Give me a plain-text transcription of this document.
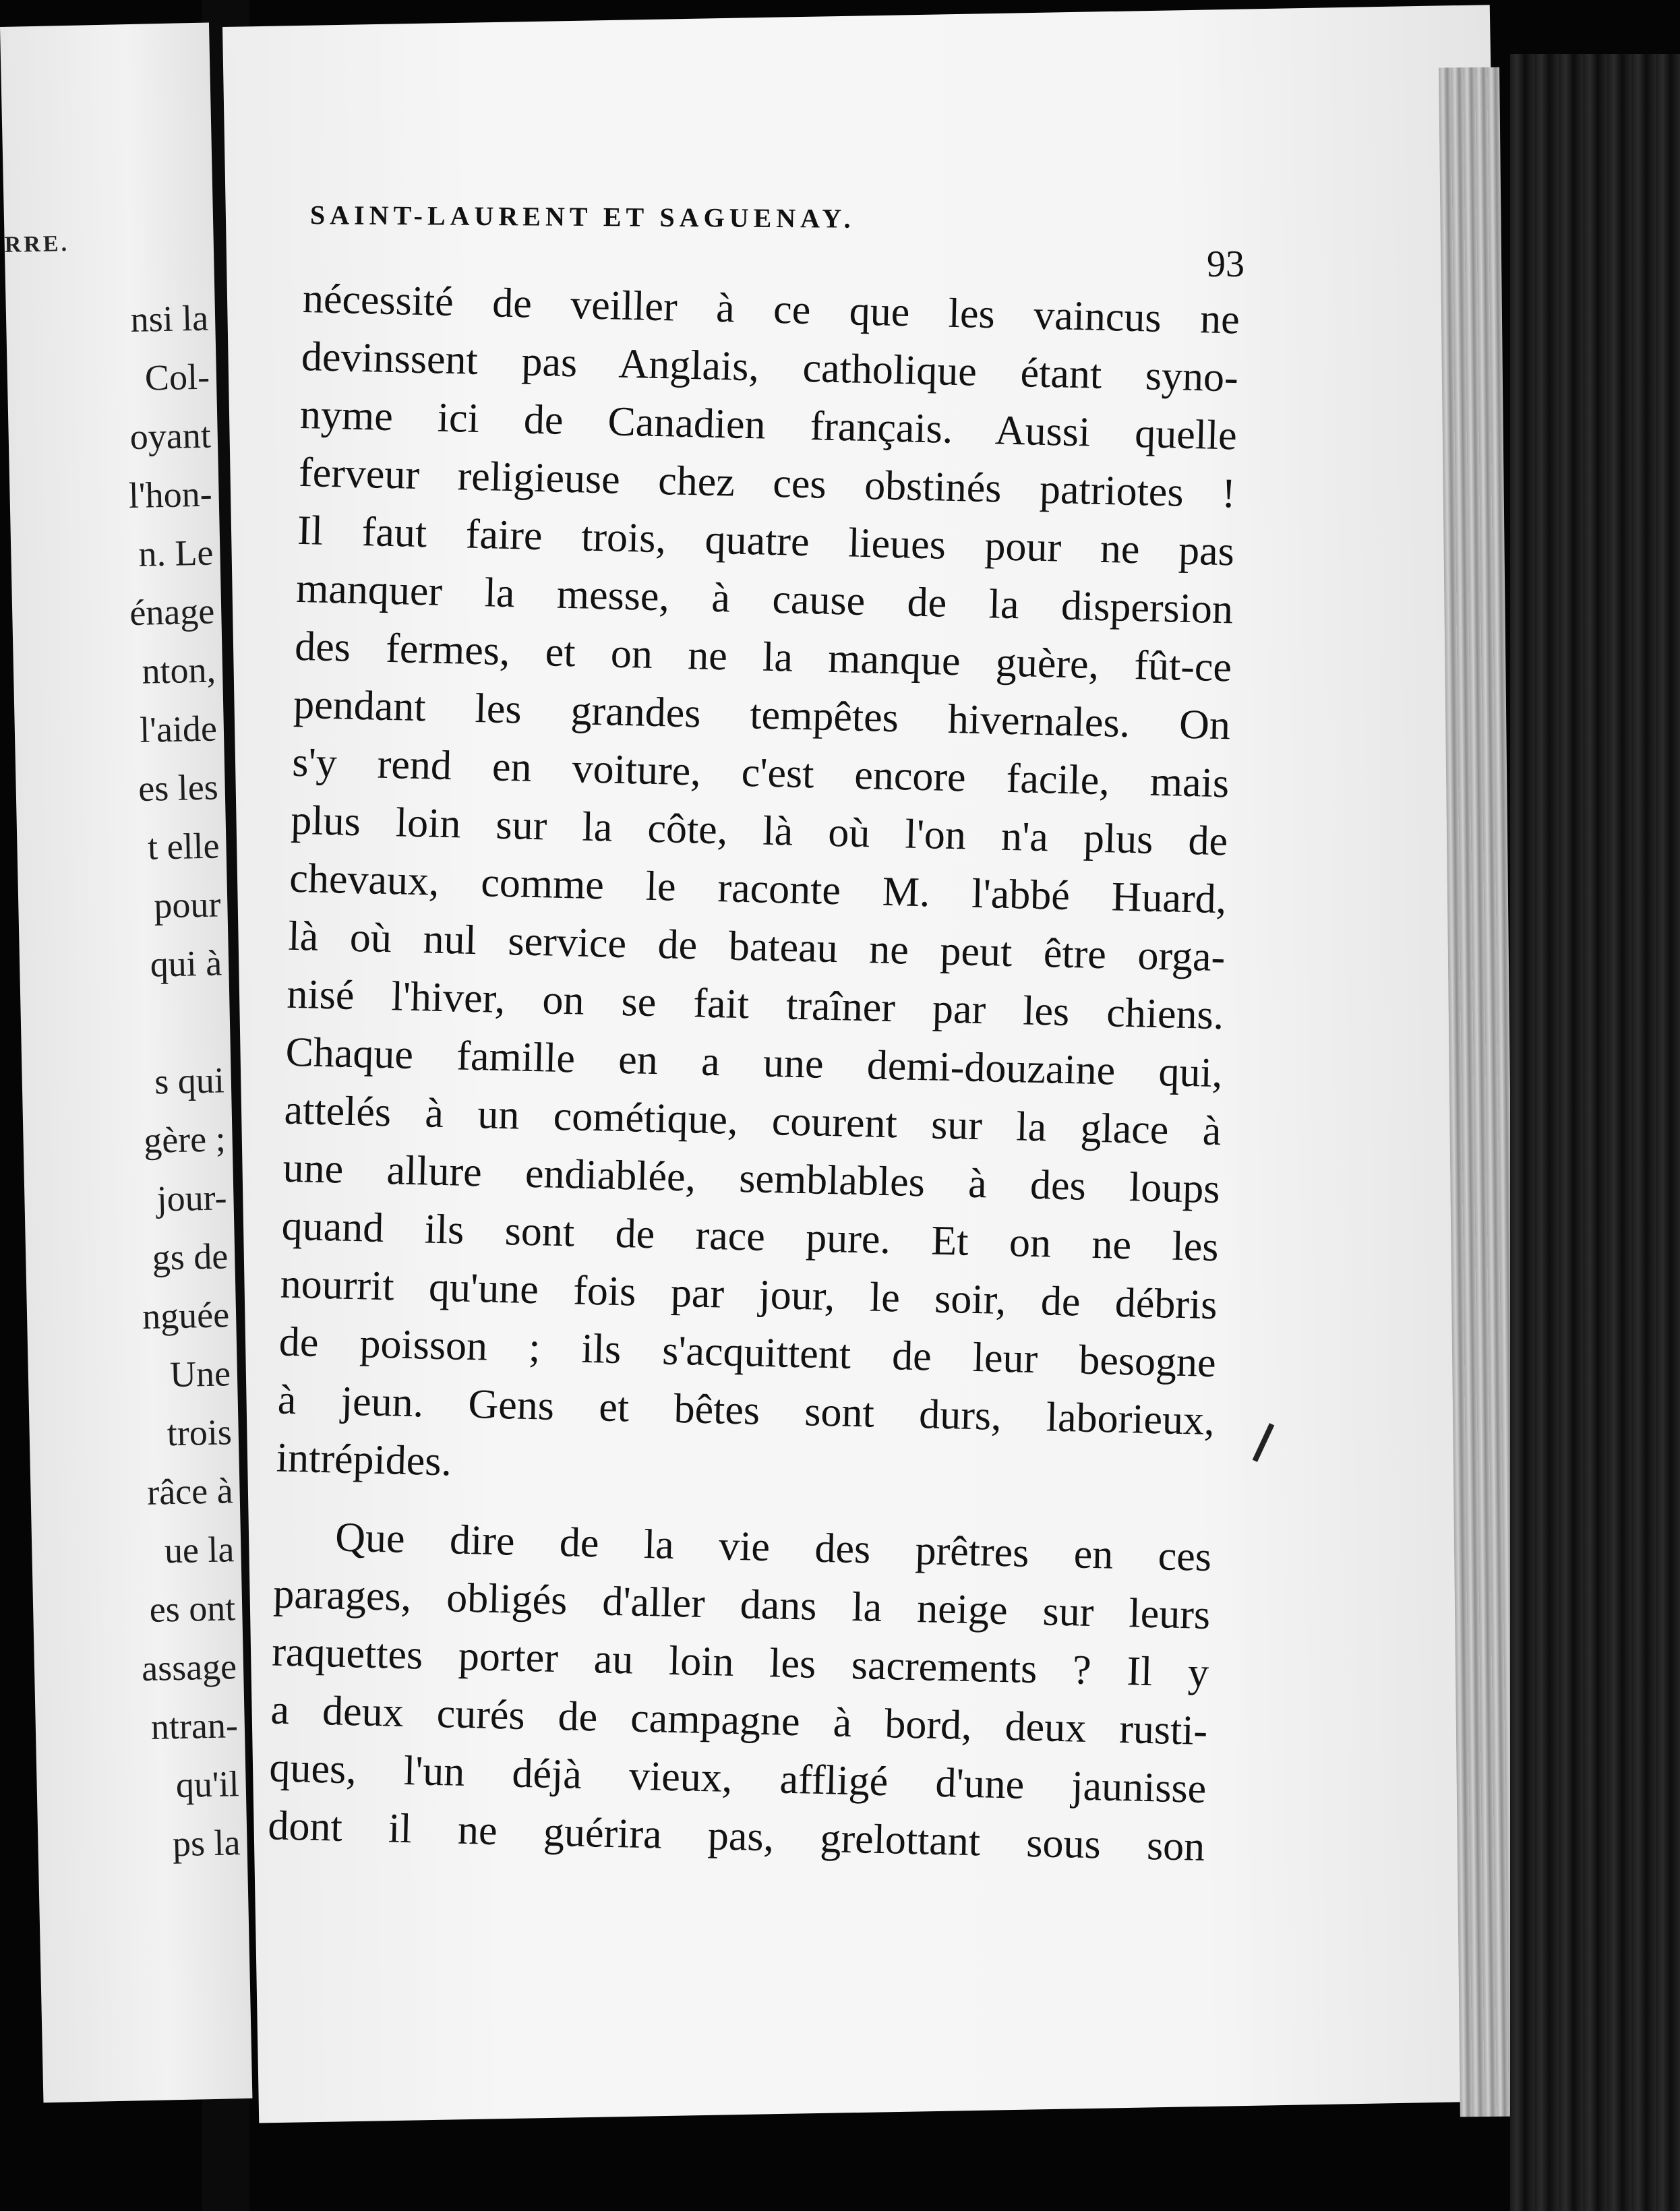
RRE.
nsi la
Col-
oyant
l'hon-
n. Le
énage
nton,
l'aide
es les
t elle
pour
qui à
s qui
gère ;
jour-
gs de
nguée
Une
trois
râce à
ue la
es ont
assage
ntran-
qu'il
ps la
SAINT-LAURENT ET SAGUENAY.
93
nécessité de veiller à ce que les vaincus ne
devinssent pas Anglais, catholique étant syno-
nyme ici de Canadien français. Aussi quelle
ferveur religieuse chez ces obstinés patriotes !
Il faut faire trois, quatre lieues pour ne pas
manquer la messe, à cause de la dispersion
des fermes, et on ne la manque guère, fût-ce
pendant les grandes tempêtes hivernales. On
s'y rend en voiture, c'est encore facile, mais
plus loin sur la côte, là où l'on n'a plus de
chevaux, comme le raconte M. l'abbé Huard,
là où nul service de bateau ne peut être orga-
nisé l'hiver, on se fait traîner par les chiens.
Chaque famille en a une demi-douzaine qui,
attelés à un cométique, courent sur la glace à
une allure endiablée, semblables à des loups
quand ils sont de race pure. Et on ne les
nourrit qu'une fois par jour, le soir, de débris
de poisson ; ils s'acquittent de leur besogne
à jeun. Gens et bêtes sont durs, laborieux,
intrépides.
Que dire de la vie des prêtres en ces
parages, obligés d'aller dans la neige sur leurs
raquettes porter au loin les sacrements ? Il y
a deux curés de campagne à bord, deux rusti-
ques, l'un déjà vieux, affligé d'une jaunisse
dont il ne guérira pas, grelottant sous son
